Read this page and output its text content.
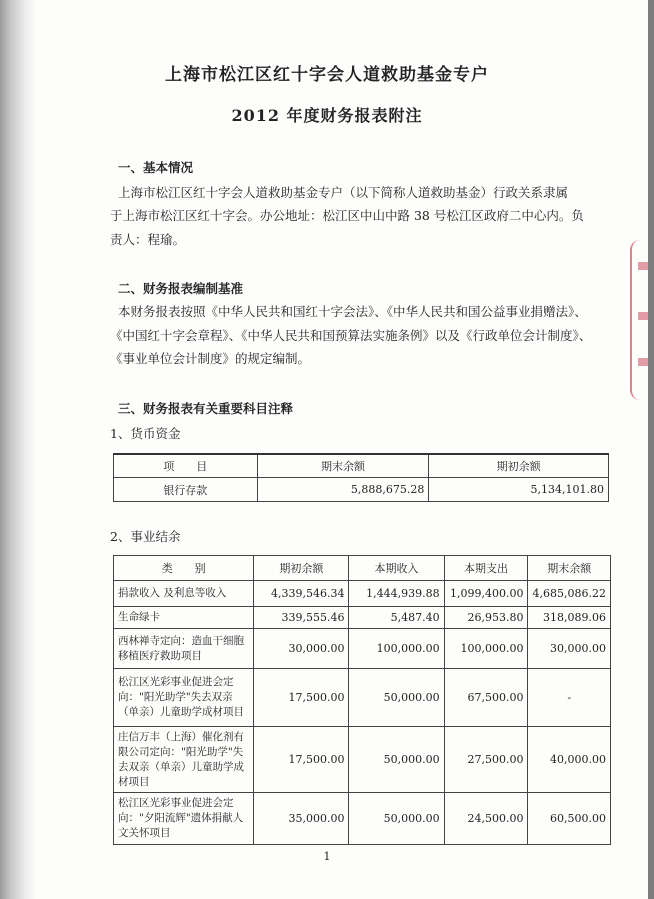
上海市松江区红十字会人道救助基金专户
2012 年度财务报表附注
一、基本情况
上海市松江区红十字会人道救助基金专户（以下简称人道救助基金）行政关系隶属
于上海市松江区红十字会。办公地址：松江区中山中路 38 号松江区政府二中心内。负
责人：程瑜。
二、财务报表编制基准
本财务报表按照《中华人民共和国红十字会法》、《中华人民共和国公益事业捐赠法》、
《中国红十字会章程》、《中华人民共和国预算法实施条例》以及《行政单位会计制度》、
《事业单位会计制度》的规定编制。
三、财务报表有关重要科目注释
1、货币资金
项　　目	期末余额	期初余额
银行存款	5,888,675.28	5,134,101.80
2、事业结余
类　　别	期初余额	本期收入	本期支出	期末余额
捐款收入 及利息等收入	4,339,546.34	1,444,939.88	1,099,400.00	4,685,086.22
生命绿卡	339,555.46	5,487.40	26,953.80	318,089.06
西林禅寺定向：造血干细胞移植医疗救助项目	30,000.00	100,000.00	100,000.00	30,000.00
松江区光彩事业促进会定向："阳光助学"失去双亲（单亲）儿童助学成材项目	17,500.00	50,000.00	67,500.00	-
庄信万丰（上海）催化剂有限公司定向："阳光助学"失去双亲（单亲）儿童助学成材项目	17,500.00	50,000.00	27,500.00	40,000.00
松江区光彩事业促进会定向："夕阳流辉"遗体捐献人文关怀项目	35,000.00	50,000.00	24,500.00	60,500.00
1
